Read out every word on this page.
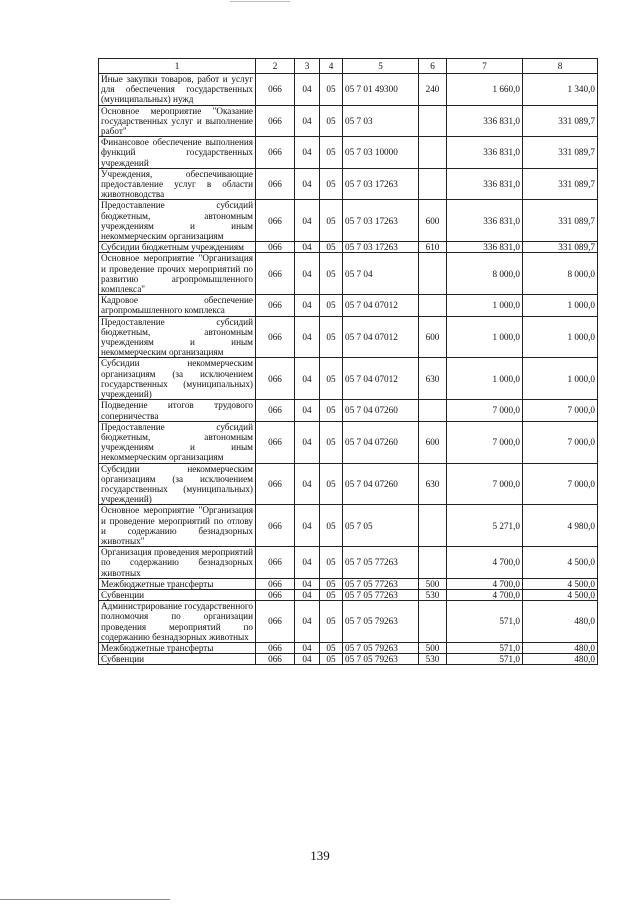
1	2	3	4	5	6	7	8
Иные закупки товаров, работ и услуг для обеспечения государственных (муниципальных) нужд	066	04	05	05 7 01 49300	240	1 660,0	1 340,0
Основное мероприятие "Оказание государственных услуг и выполнение работ"	066	04	05	05 7 03		336 831,0	331 089,7
Финансовое обеспечение выполнения функций государственных учреждений	066	04	05	05 7 03 10000		336 831,0	331 089,7
Учреждения, обеспечивающие предоставление услуг в области животноводства	066	04	05	05 7 03 17263		336 831,0	331 089,7
Предоставление субсидий бюджетным, автономным учреждениям и иным некоммерческим организациям	066	04	05	05 7 03 17263	600	336 831,0	331 089,7
Субсидии бюджетным учреждениям	066	04	05	05 7 03 17263	610	336 831,0	331 089,7
Основное мероприятие "Организация и проведение прочих мероприятий по развитию агропромышленного комплекса"	066	04	05	05 7 04		8 000,0	8 000,0
Кадровое обеспечение агропромышленного комплекса	066	04	05	05 7 04 07012		1 000,0	1 000,0
Предоставление субсидий бюджетным, автономным учреждениям и иным некоммерческим организациям	066	04	05	05 7 04 07012	600	1 000,0	1 000,0
Субсидии некоммерческим организациям (за исключением государственных (муниципальных) учреждений)	066	04	05	05 7 04 07012	630	1 000,0	1 000,0
Подведение итогов трудового соперничества	066	04	05	05 7 04 07260		7 000,0	7 000,0
Предоставление субсидий бюджетным, автономным учреждениям и иным некоммерческим организациям	066	04	05	05 7 04 07260	600	7 000,0	7 000,0
Субсидии некоммерческим организациям (за исключением государственных (муниципальных) учреждений)	066	04	05	05 7 04 07260	630	7 000,0	7 000,0
Основное мероприятие "Организация и проведение мероприятий по отлову и содержанию безнадзорных животных"	066	04	05	05 7 05		5 271,0	4 980,0
Организация проведения мероприятий по содержанию безнадзорных животных	066	04	05	05 7 05 77263		4 700,0	4 500,0
Межбюджетные трансферты	066	04	05	05 7 05 77263	500	4 700,0	4 500,0
Субвенции	066	04	05	05 7 05 77263	530	4 700,0	4 500,0
Администрирование государственного полномочия по организации проведения мероприятий по содержанию безнадзорных животных	066	04	05	05 7 05 79263		571,0	480,0
Межбюджетные трансферты	066	04	05	05 7 05 79263	500	571,0	480,0
Субвенции	066	04	05	05 7 05 79263	530	571,0	480,0
139
